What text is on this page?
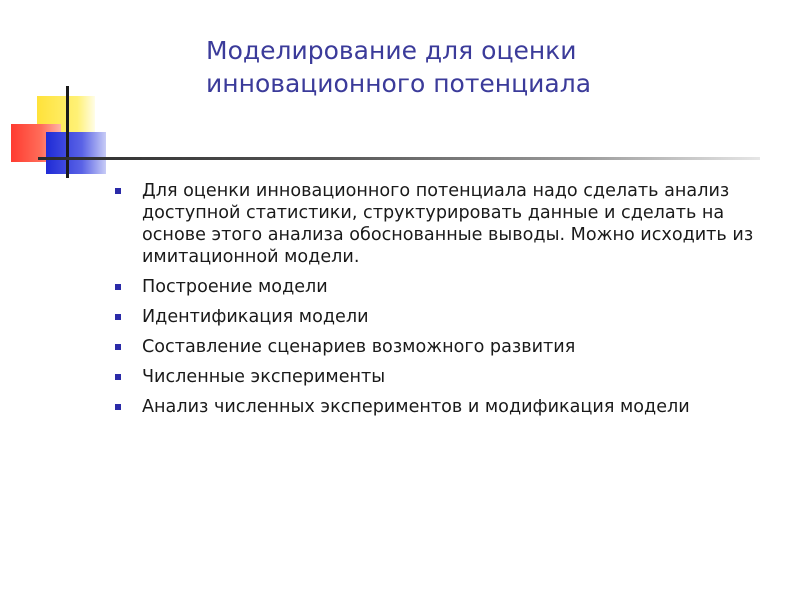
Моделирование для оценки
инновационного потенциала
Для оценки инновационного потенциала надо сделать анализ доступной статистики, структурировать данные и сделать на основе этого анализа обоснованные выводы. Можно исходить из имитационной модели.
Построение модели
Идентификация модели
Составление сценариев возможного развития
Численные эксперименты
Анализ численных экспериментов и модификация модели
